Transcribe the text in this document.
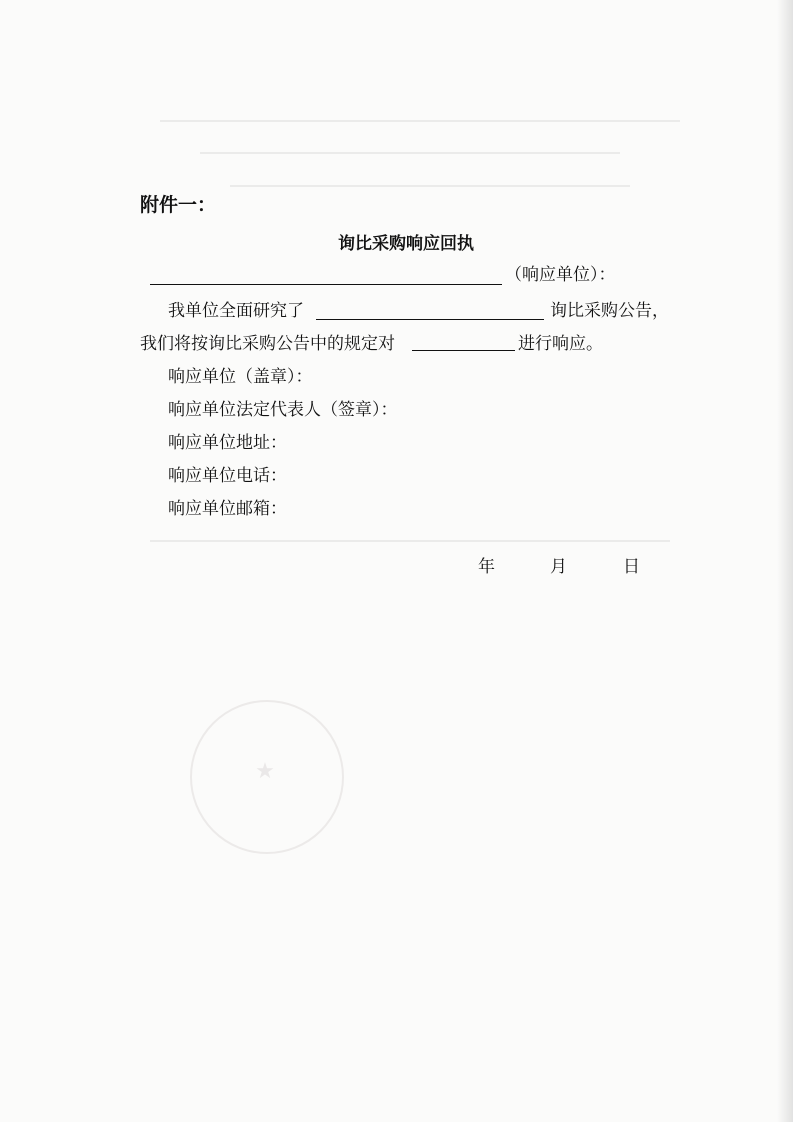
★
附件一：
询比采购响应回执
（响应单位）：
我单位全面研究了	询比采购公告，
我们将按询比采购公告中的规定对	进行响应。
响应单位（盖章）：
响应单位法定代表人（签章）：
响应单位地址：
响应单位电话：
响应单位邮箱：
年	月	日
